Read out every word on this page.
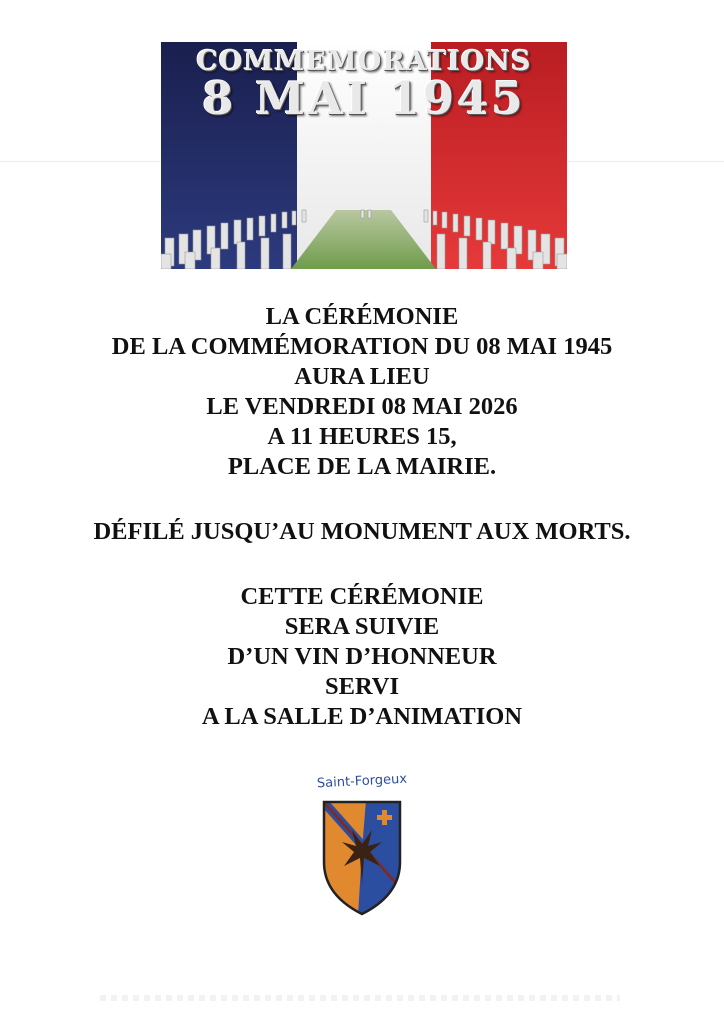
COMMEMORATIONS
8 MAI 1945
LA CÉRÉMONIE
DE LA COMMÉMORATION DU 08 MAI 1945
AURA LIEU
LE VENDREDI 08 MAI 2026
A 11 HEURES 15,
PLACE DE LA MAIRIE.
DÉFILÉ JUSQU’AU MONUMENT AUX MORTS.
CETTE CÉRÉMONIE
SERA SUIVIE
D’UN VIN D’HONNEUR
SERVI
A LA SALLE D’ANIMATION
Saint-Forgeux
